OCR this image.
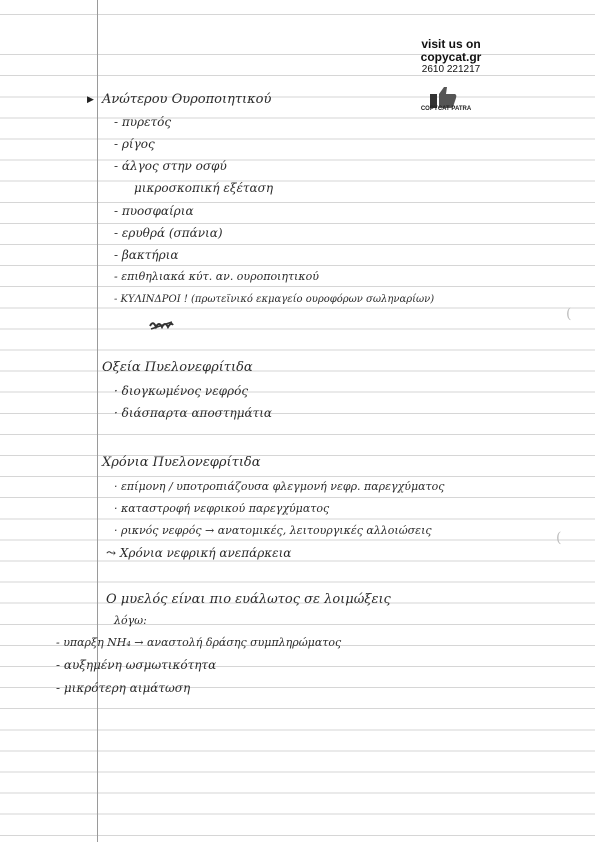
visit us on
copycat.gr
2610 221217
COPYCAT PATRA
▶ Ανώτερου Ουροποιητικού
- πυρετός
- ρίγος
- άλγος στην οσφύ
μικροσκοπική εξέταση
- πυοσφαίρια
- ερυθρά (σπάνια)
- βακτήρια
- επιθηλιακά κύτ. αν. ουροποιητικού
- ΚΥΛΙΝΔΡΟΙ ! (πρωτεϊνικό εκμαγείο ουροφόρων σωληναρίων)
(
Οξεία Πυελονεφρίτιδα
· διογκωμένος νεφρός
· διάσπαρτα αποστημάτια
Χρόνια Πυελονεφρίτιδα
· επίμονη / υποτροπιάζουσα φλεγμονή νεφρ. παρεγχύματος
· καταστροφή νεφρικού παρεγχύματος
· ρικνός νεφρός → ανατομικές, λειτουργικές αλλοιώσεις
⤳ Χρόνια νεφρική ανεπάρκεια
(
Ο μυελός είναι πιο ευάλωτος σε λοιμώξεις
λόγω:
- υπαρξη NH₄ → αναστολή δράσης συμπληρώματος
- αυξημένη ωσμωτικότητα
- μικρότερη αιμάτωση
